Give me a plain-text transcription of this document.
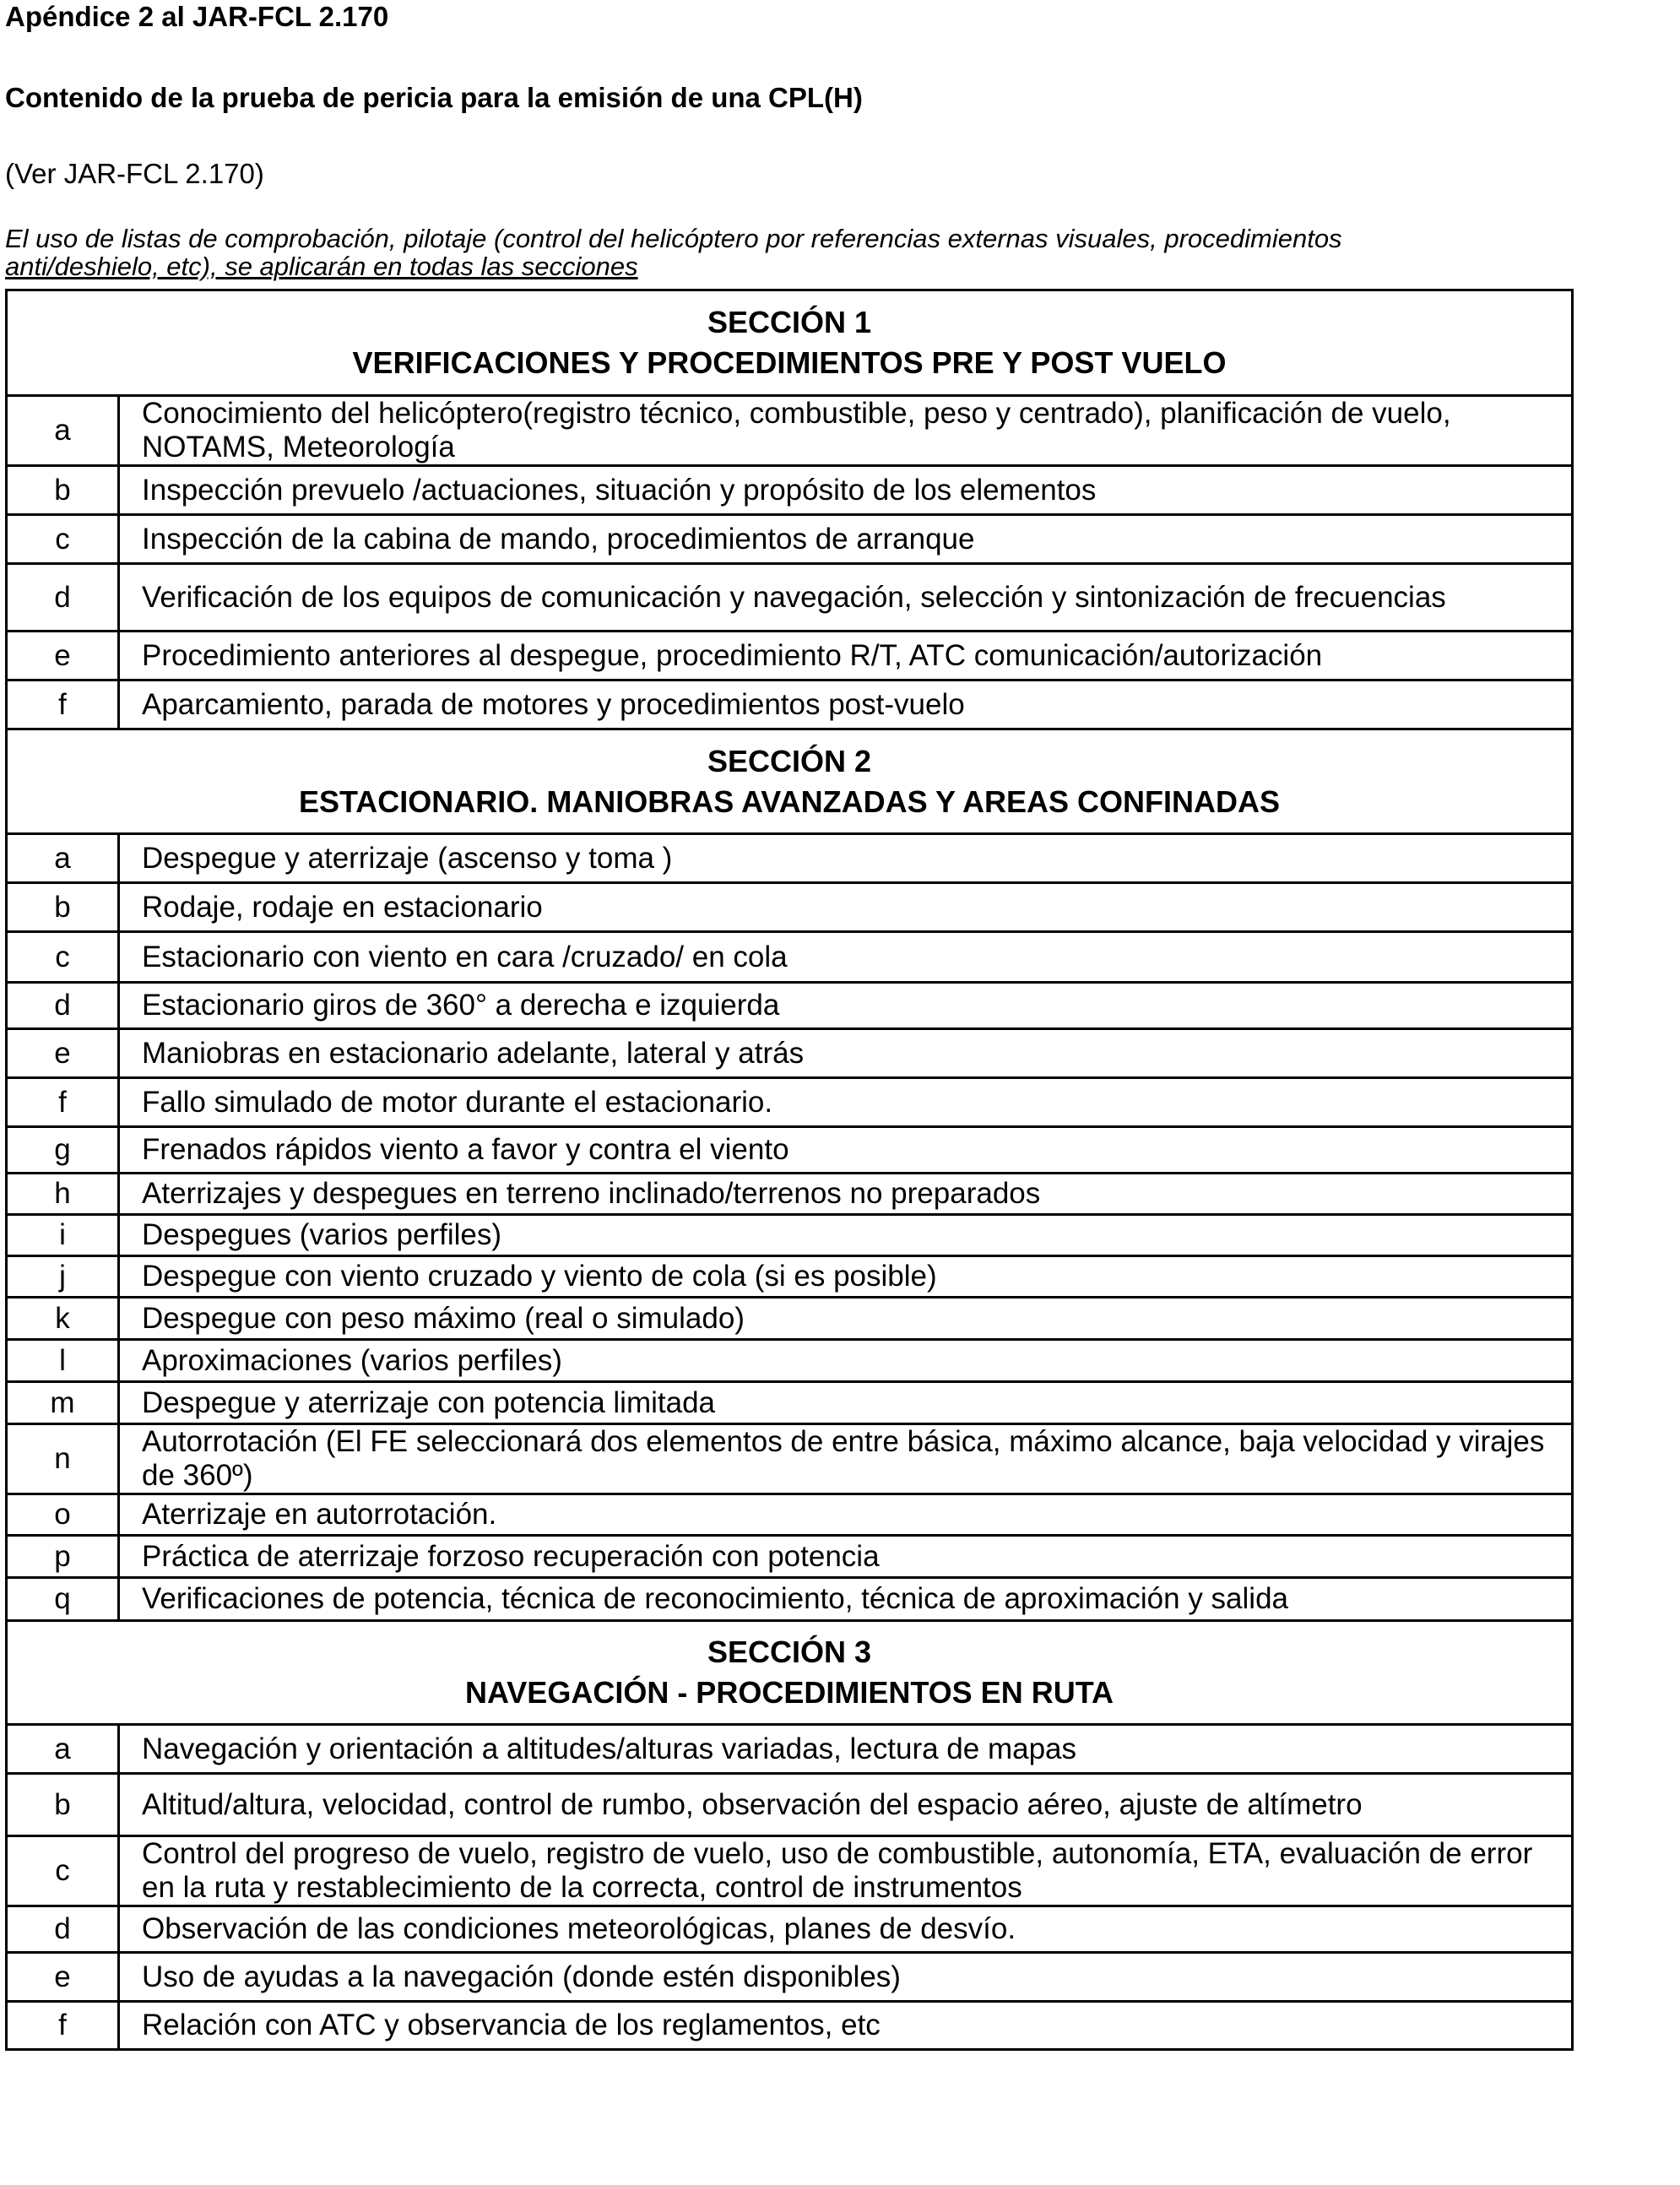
Apéndice 2 al JAR-FCL 2.170
Contenido de la prueba de pericia para la emisión de una CPL(H)
(Ver JAR-FCL 2.170)
El uso de listas de comprobación, pilotaje (control del helicóptero por referencias externas visuales, procedimientos
anti/deshielo, etc), se aplicarán en todas las secciones
SECCIÓN 1
VERIFICACIONES Y PROCEDIMIENTOS PRE Y POST VUELO	

a	Conocimiento del helicóptero(registro técnico, combustible, peso y centrado), planificación de vuelo, NOTAMS, Meteorología
b	Inspección prevuelo /actuaciones, situación y propósito de los elementos
c	Inspección de la cabina de mando, procedimientos de arranque
d	Verificación de los equipos de comunicación y navegación, selección y sintonización de frecuencias
e	Procedimiento anteriores al despegue, procedimiento R/T, ATC comunicación/autorización
f	Aparcamiento, parada de motores y procedimientos post-vuelo

SECCIÓN 2
ESTACIONARIO. MANIOBRAS AVANZADAS Y AREAS CONFINADAS	

a	Despegue y aterrizaje (ascenso y toma )
b	Rodaje, rodaje en estacionario
c	Estacionario con viento en cara /cruzado/ en cola
d	Estacionario giros de 360° a derecha e izquierda
e	Maniobras en estacionario adelante, lateral y atrás
f	Fallo simulado de motor durante el estacionario.
g	Frenados rápidos viento a favor y contra el viento
h	Aterrizajes y despegues en terreno inclinado/terrenos no preparados
i	Despegues (varios perfiles)
j	Despegue con viento cruzado y viento de cola (si es posible)
k	Despegue con peso máximo (real o simulado)
l	Aproximaciones (varios perfiles)
m	Despegue y aterrizaje con potencia limitada
n	Autorrotación (El FE seleccionará dos elementos de entre básica, máximo alcance, baja velocidad y virajes de 360º)
o	Aterrizaje en autorrotación.
p	Práctica de aterrizaje forzoso recuperación con potencia
q	Verificaciones de potencia, técnica de reconocimiento, técnica de aproximación y salida

SECCIÓN 3
NAVEGACIÓN - PROCEDIMIENTOS EN RUTA	

a	Navegación y orientación a altitudes/alturas variadas, lectura de mapas
b	Altitud/altura, velocidad, control de rumbo, observación del espacio aéreo, ajuste de altímetro
c	Control del progreso de vuelo, registro de vuelo, uso de combustible, autonomía, ETA, evaluación de error en la ruta y restablecimiento de la correcta, control de instrumentos
d	Observación de las condiciones meteorológicas, planes de desvío.
e	Uso de ayudas a la navegación (donde estén disponibles)
f	Relación con ATC y observancia de los reglamentos, etc
